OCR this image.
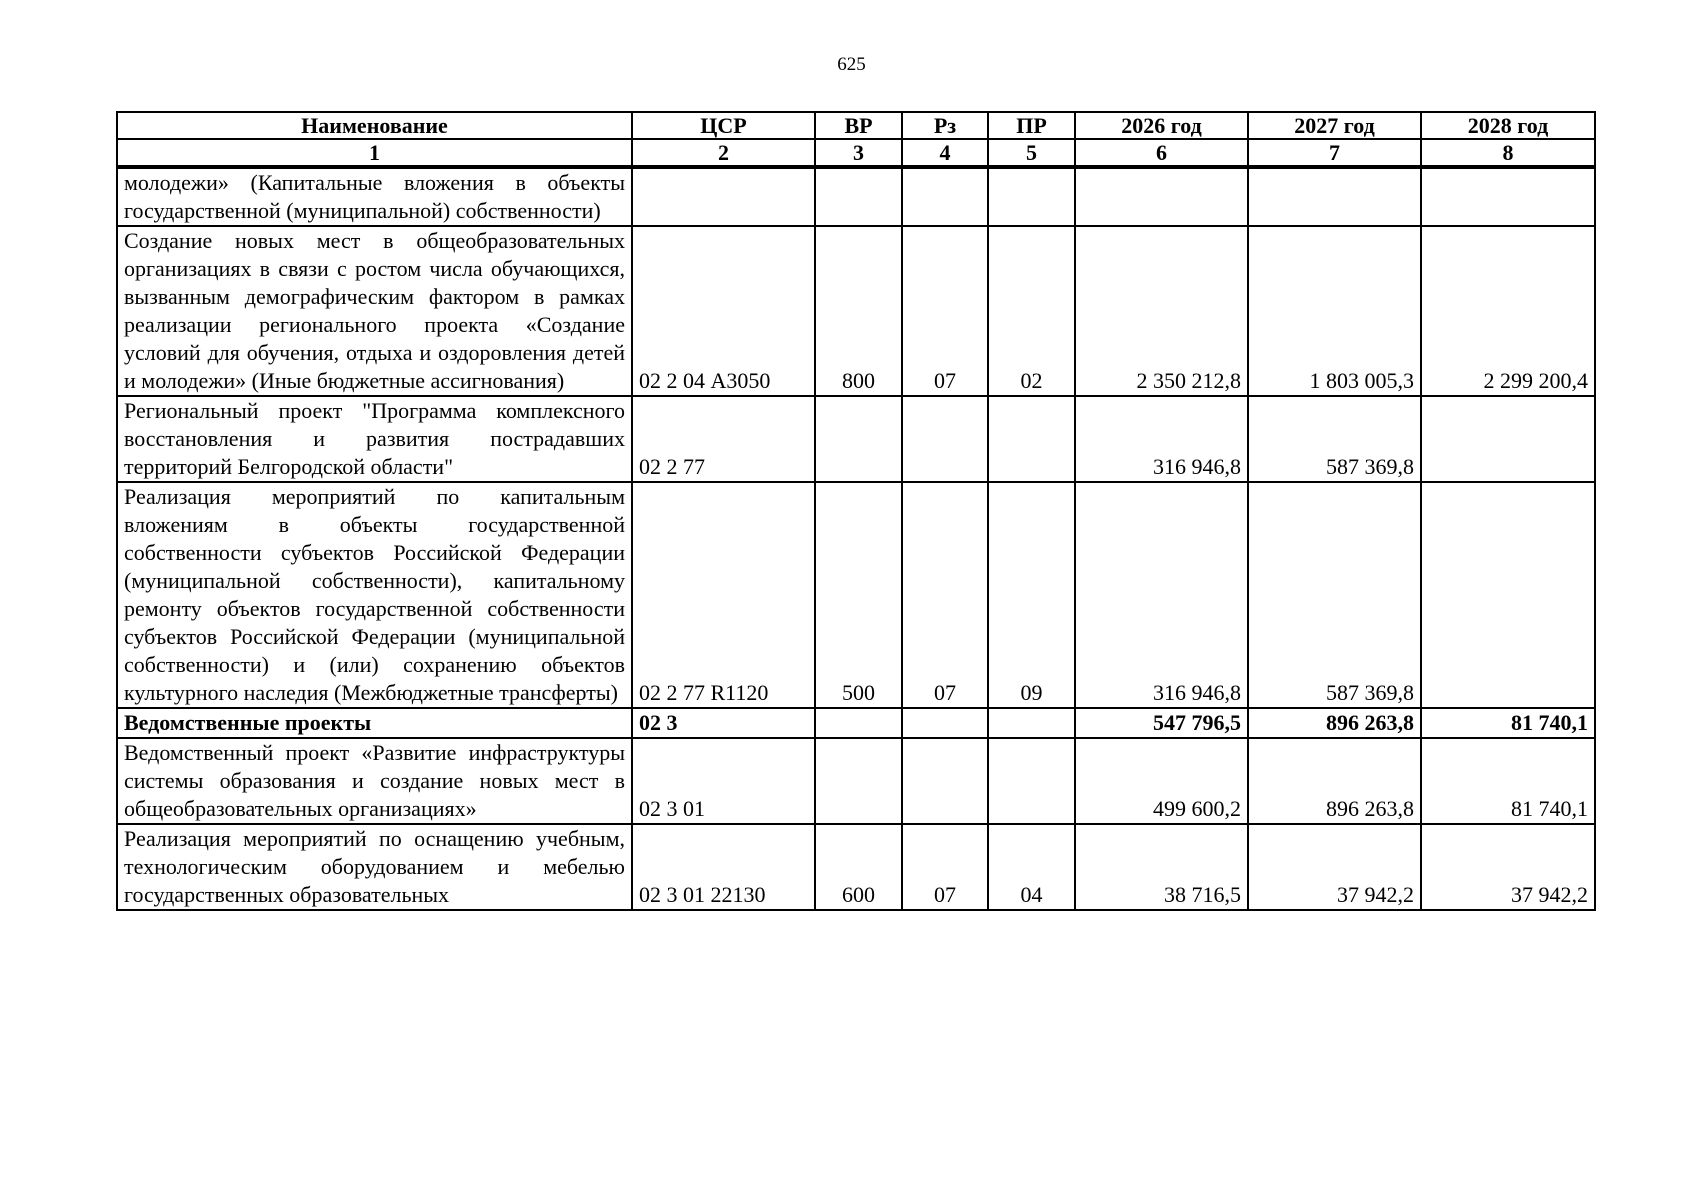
625
Наименование	ЦСР	ВР	Рз	ПР	2026 год	2027 год	2028 год
1	2	3	4	5	6	7	8
молодежи» (Капитальные вложения в объекты государственной (муниципальной) собственности)							
Создание новых мест в общеобразовательных организациях в связи с ростом числа обучающихся, вызванным демографическим фактором в рамках реализации регионального проекта «Создание условий для обучения, отдыха и оздоровления детей и молодежи» (Иные бюджетные ассигнования)	02 2 04 А3050	800	07	02	2 350 212,8	1 803 005,3	2 299 200,4
Региональный проект "Программа комплексного восстановления и развития пострадавших территорий Белгородской области"	02 2 77				316 946,8	587 369,8	
Реализация мероприятий по капитальным вложениям в объекты государственной собственности субъектов Российской Федерации (муниципальной собственности), капитальному ремонту объектов государственной собственности субъектов Российской Федерации (муниципальной собственности) и (или) сохранению объектов культурного наследия (Межбюджетные трансферты)	02 2 77 R1120	500	07	09	316 946,8	587 369,8	
Ведомственные проекты	02 3				547 796,5	896 263,8	81 740,1
Ведомственный проект «Развитие инфраструктуры системы образования и создание новых мест в общеобразовательных организациях»	02 3 01				499 600,2	896 263,8	81 740,1
Реализация мероприятий по оснащению учебным, технологическим оборудованием и мебелью государственных образовательных	02 3 01 22130	600	07	04	38 716,5	37 942,2	37 942,2
